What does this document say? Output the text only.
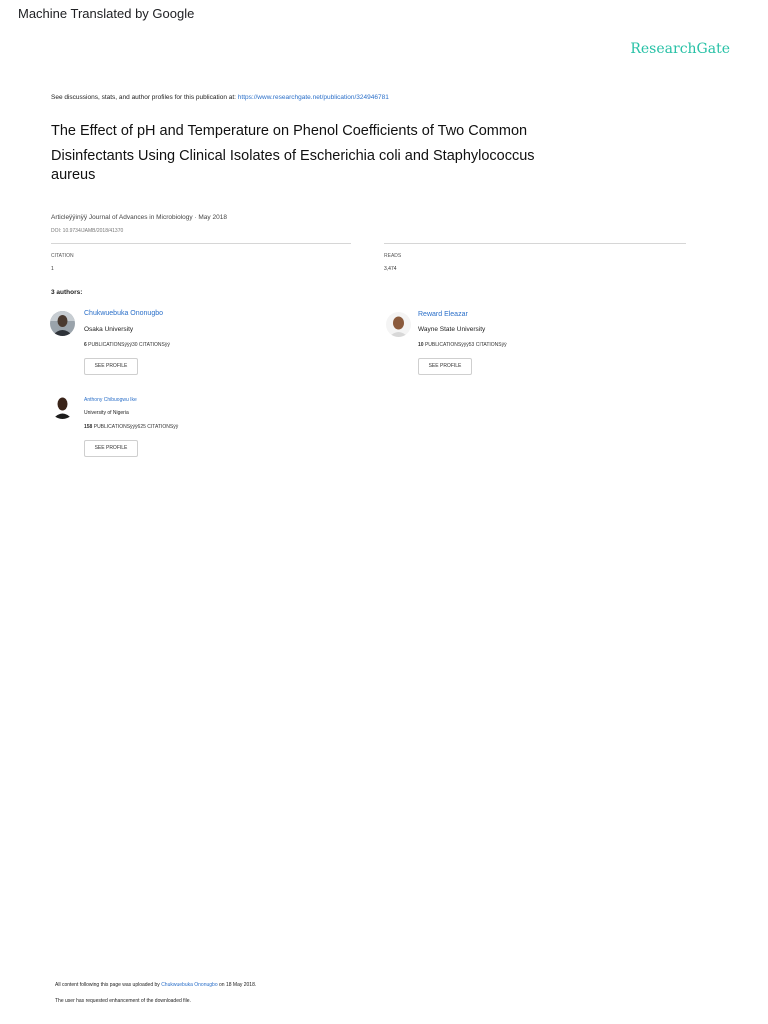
Machine Translated by Google
ResearchGate
See discussions, stats, and author profiles for this publication at: https://www.researchgate.net/publication/324946781
The Effect of pH and Temperature on Phenol Coefficients of Two Common
Disinfectants Using Clinical Isolates of Escherichia coli and Staphylococcus
aureus
Articleÿÿinÿÿ Journal of Advances in Microbiology · May 2018
DOI: 10.9734/JAMB/2018/41370
CITATION
1
READS
3,474
3 authors:
Chukwuebuka Ononugbo
Osaka University
6 PUBLICATIONSÿÿÿ30 CITATIONSÿÿ
SEE PROFILE
Reward Eleazar
Wayne State University
10 PUBLICATIONSÿÿÿ53 CITATIONSÿÿ
SEE PROFILE
Anthony Chibuogwu Ike
University of Nigeria
158 PUBLICATIONSÿÿÿ625 CITATIONSÿÿ
SEE PROFILE
All content following this page was uploaded by Chukwuebuka Ononugbo on 18 May 2018.
The user has requested enhancement of the downloaded file.
